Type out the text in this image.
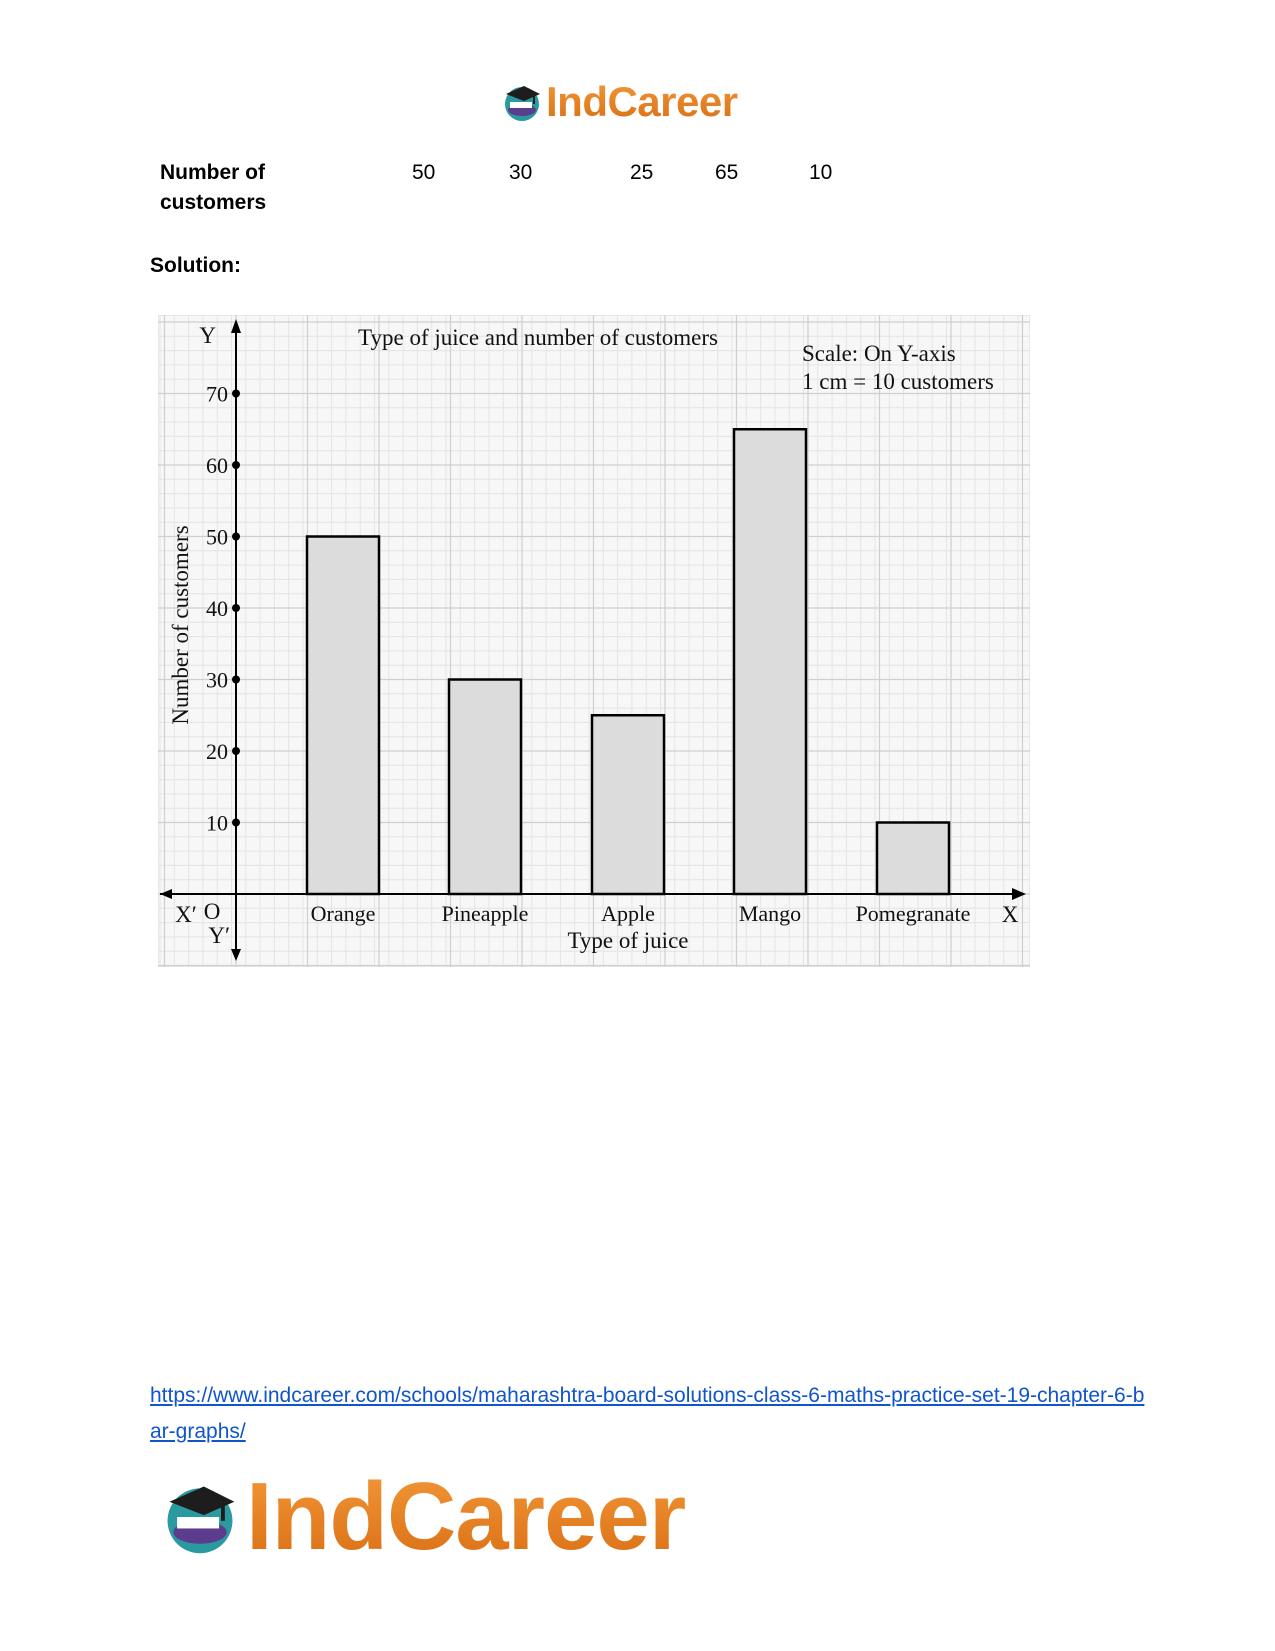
IndCareer
Number of customers
50	30	25	65	10
Solution:
10
20
30
40
50
60
70
Y
Y′
X′ O	X
Orange	Pineapple	Apple	Mango Pomegranate
Type of juice and number of customers
Scale: On Y-axis
1 cm = 10 customers
Type of juice
Number of customers
https://www.indcareer.com/schools/maharashtra-board-solutions-class-6-maths-practice-set-19-chapter-6-bar-graphs/
IndCareer
